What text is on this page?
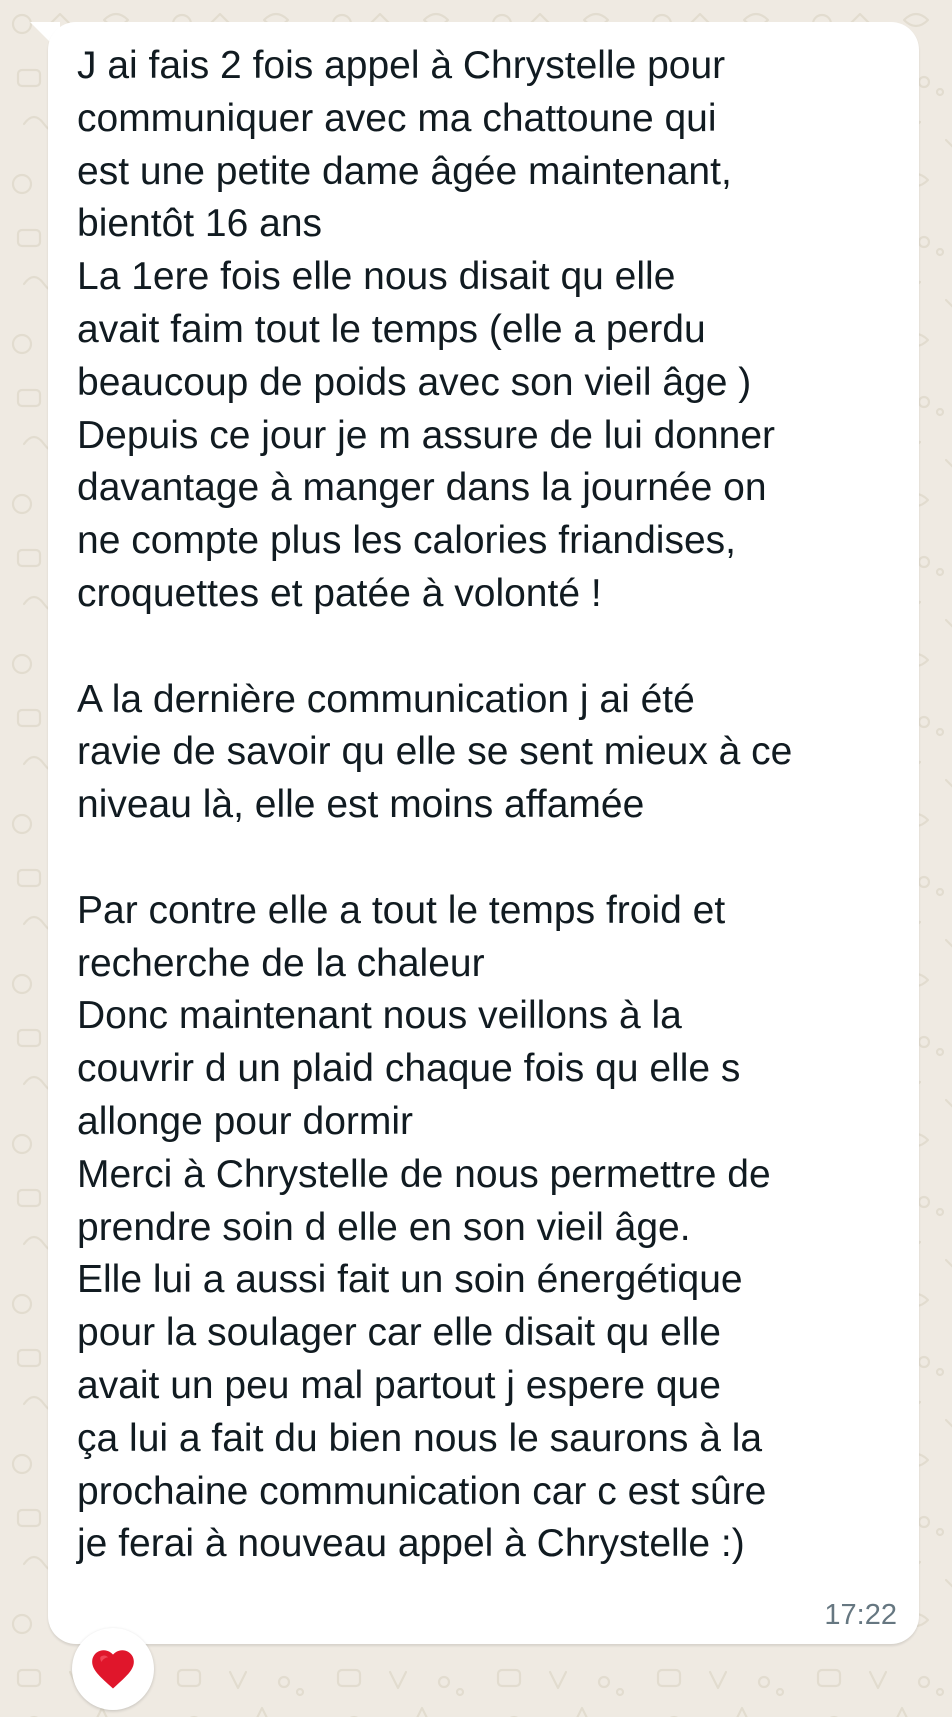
J ai fais 2 fois appel à Chrystelle pour
communiquer avec ma chattoune qui
est une petite dame âgée maintenant,
bientôt 16 ans
La 1ere fois elle nous disait qu elle
avait faim tout le temps (elle a perdu
beaucoup de poids avec son vieil âge )
Depuis ce jour je m assure de lui donner
davantage à manger dans la journée on
ne compte plus les calories friandises,
croquettes et patée à volonté !

A la dernière communication j ai été
ravie de savoir qu elle se sent mieux à ce
niveau là, elle est moins affamée

Par contre elle a tout le temps froid et
recherche de la chaleur
Donc maintenant nous veillons à la
couvrir d un plaid chaque fois qu elle s
allonge pour dormir
Merci à Chrystelle de nous permettre de
prendre soin d elle en son vieil âge.
Elle lui a aussi fait un soin énergétique
pour la soulager car elle disait qu elle
avait un peu mal partout j espere que
ça lui a fait du bien nous le saurons à la
prochaine communication car c est sûre
je ferai à nouveau appel à Chrystelle :)

17:22
